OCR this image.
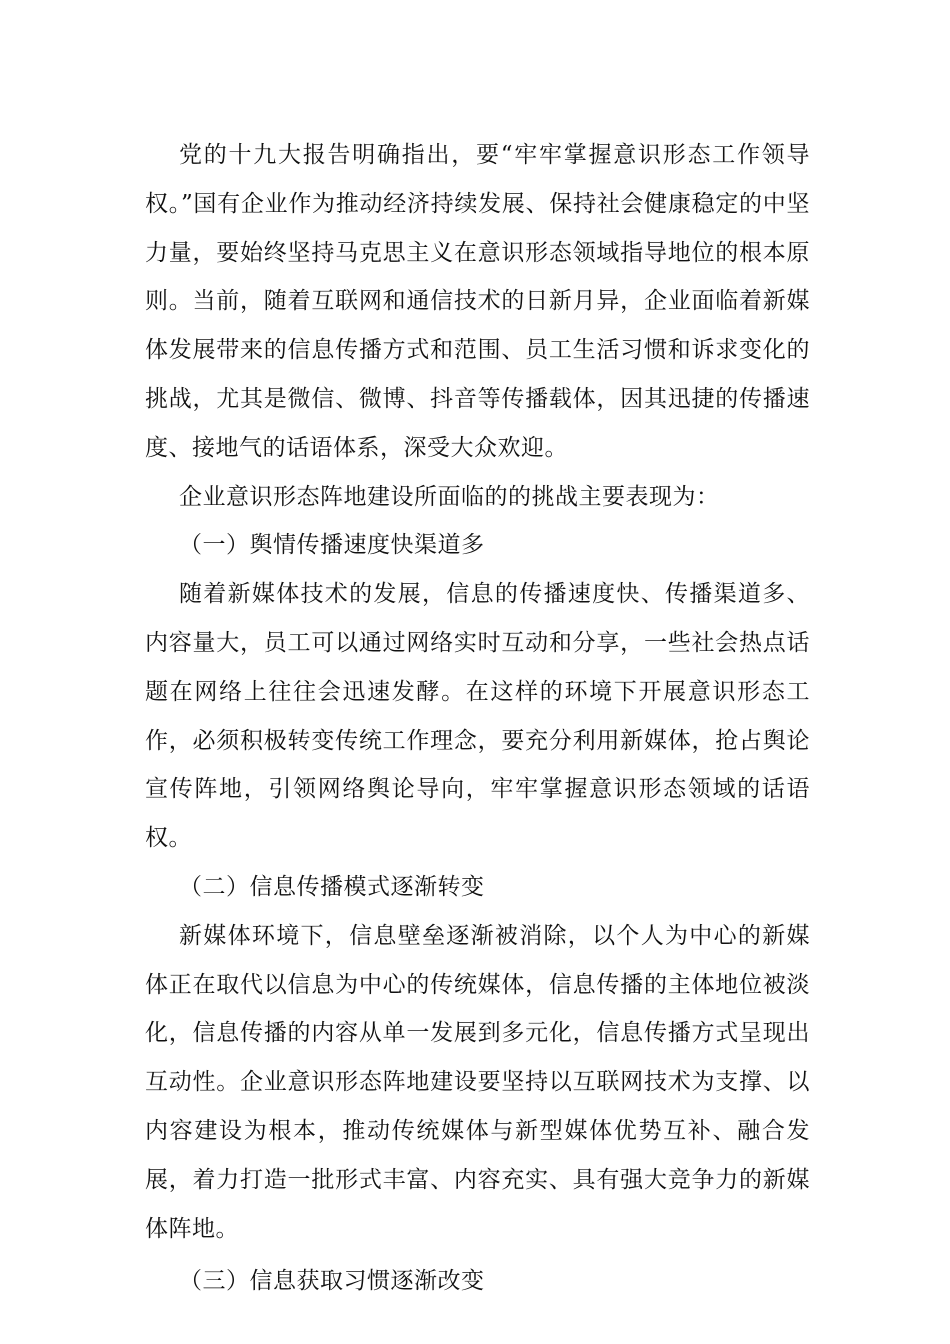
党的十九大报告明确指出，要“牢牢掌握意识形态工作领导权。”国有企业作为推动经济持续发展、保持社会健康稳定的中坚力量，要始终坚持马克思主义在意识形态领域指导地位的根本原则。当前，随着互联网和通信技术的日新月异，企业面临着新媒体发展带来的信息传播方式和范围、员工生活习惯和诉求变化的挑战，尤其是微信、微博、抖音等传播载体，因其迅捷的传播速度、接地气的话语体系，深受大众欢迎。

企业意识形态阵地建设所面临的的挑战主要表现为：

（一）舆情传播速度快渠道多

随着新媒体技术的发展，信息的传播速度快、传播渠道多、内容量大，员工可以通过网络实时互动和分享，一些社会热点话题在网络上往往会迅速发酵。在这样的环境下开展意识形态工作，必须积极转变传统工作理念，要充分利用新媒体，抢占舆论宣传阵地，引领网络舆论导向，牢牢掌握意识形态领域的话语权。

（二）信息传播模式逐渐转变

新媒体环境下，信息壁垒逐渐被消除，以个人为中心的新媒体正在取代以信息为中心的传统媒体，信息传播的主体地位被淡化，信息传播的内容从单一发展到多元化，信息传播方式呈现出互动性。企业意识形态阵地建设要坚持以互联网技术为支撑、以内容建设为根本，推动传统媒体与新型媒体优势互补、融合发展，着力打造一批形式丰富、内容充实、具有强大竞争力的新媒体阵地。

（三）信息获取习惯逐渐改变
